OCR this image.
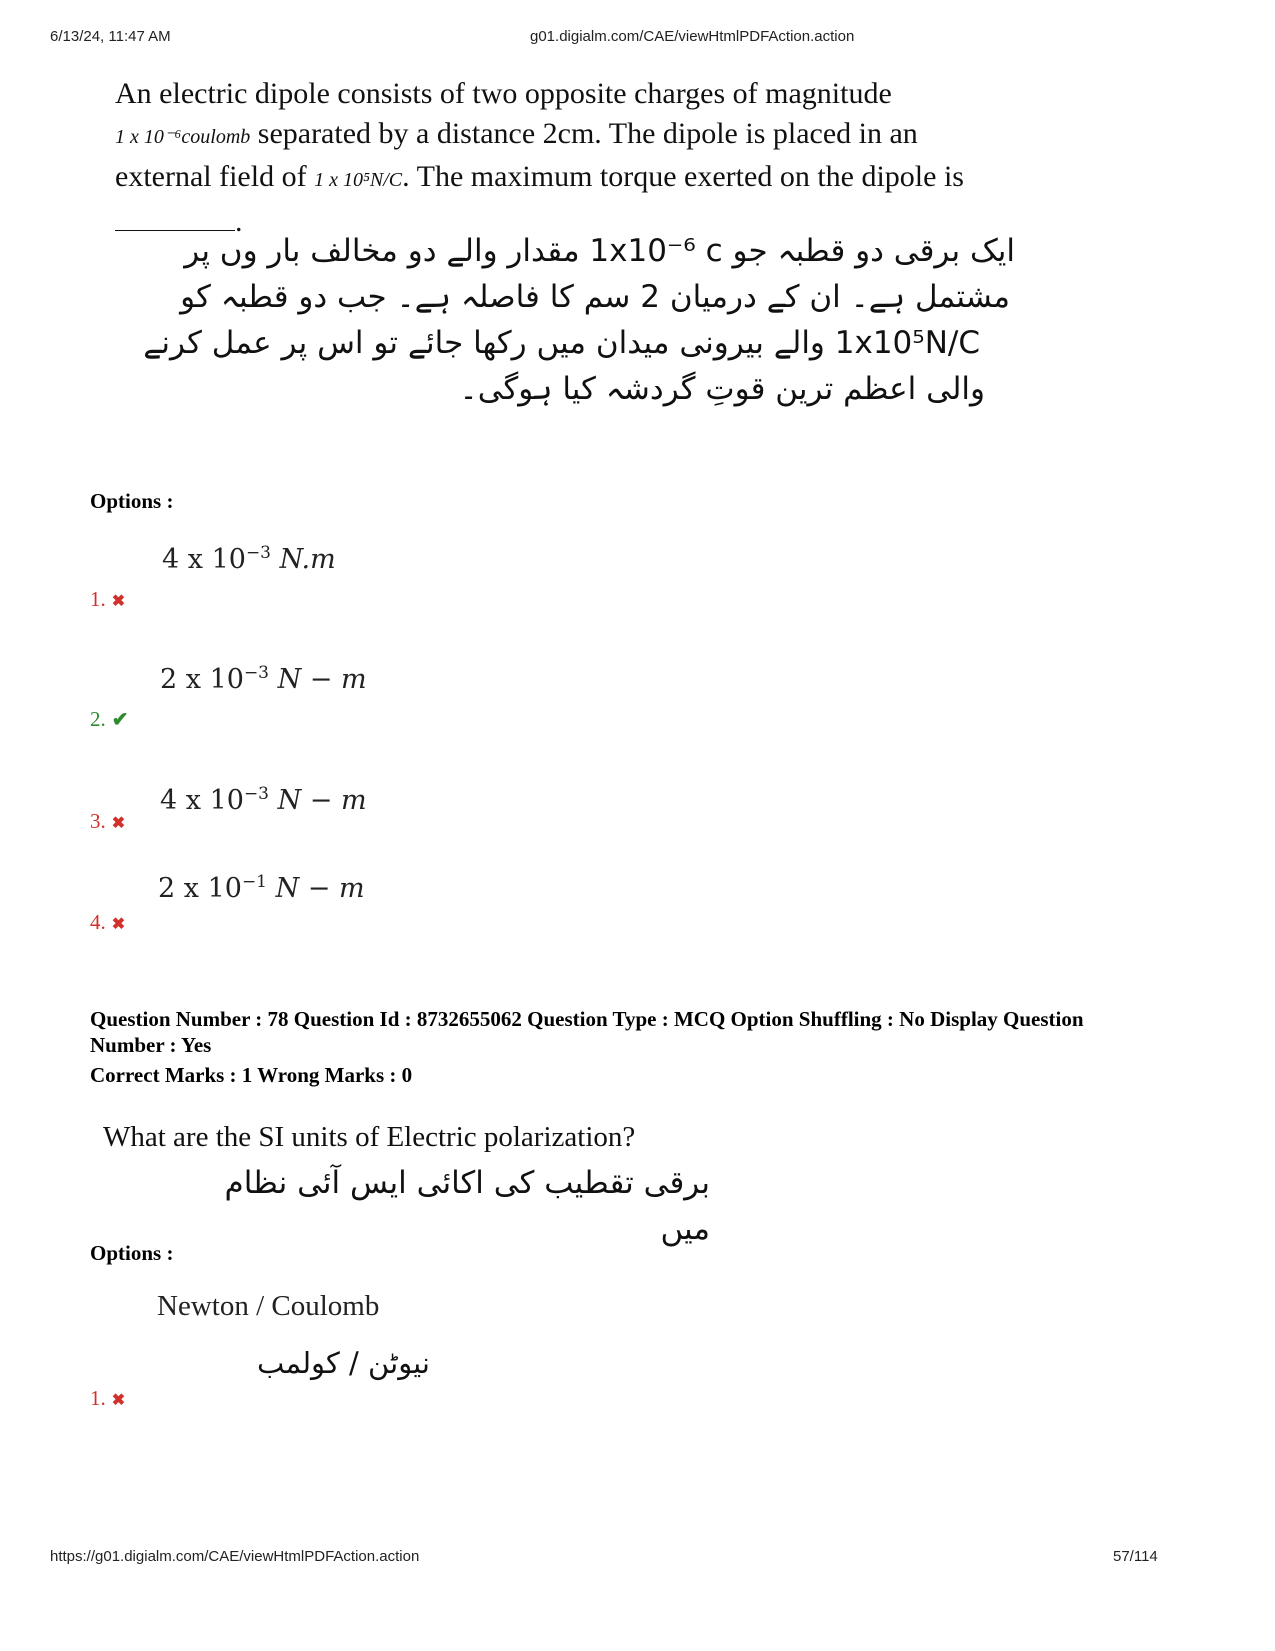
6/13/24, 11:47 AM	g01.digialm.com/CAE/viewHtmlPDFAction.action
An electric dipole consists of two opposite charges of magnitude
1 x 10⁻⁶coulomb separated by a distance 2cm. The dipole is placed in an
external field of 1 x 10⁵N/C. The maximum torque exerted on the dipole is
.
ایک برقی دو قطبہ جو 1x10⁻⁶ c مقدار والے دو مخالف بار وں پر
مشتمل ہے۔ ان کے درمیان 2 سم کا فاصلہ ہے۔ جب دو قطبہ کو
1x10⁵N/C والے بیرونی میدان میں رکھا جائے تو اس پر عمل کرنے
والی اعظم ترین قوتِ گردشہ کیا ہوگی۔
Options :
4 x $10^{-3}$ N.m
1. ✖
2 x $10^{-3}$ N − m
2. ✔
4 x $10^{-3}$ N − m
3. ✖
2 x $10^{-1}$ N − m
4. ✖
Question Number : 78 Question Id : 8732655062 Question Type : MCQ Option Shuffling : No Display Question
Number : Yes
Correct Marks : 1 Wrong Marks : 0
What are the SI units of Electric polarization?
برقی تقطیب کی اکائی ایس آئی نظام میں
Options :
Newton / Coulomb
نیوٹن / کولمب
1. ✖
https://g01.digialm.com/CAE/viewHtmlPDFAction.action	57/114
